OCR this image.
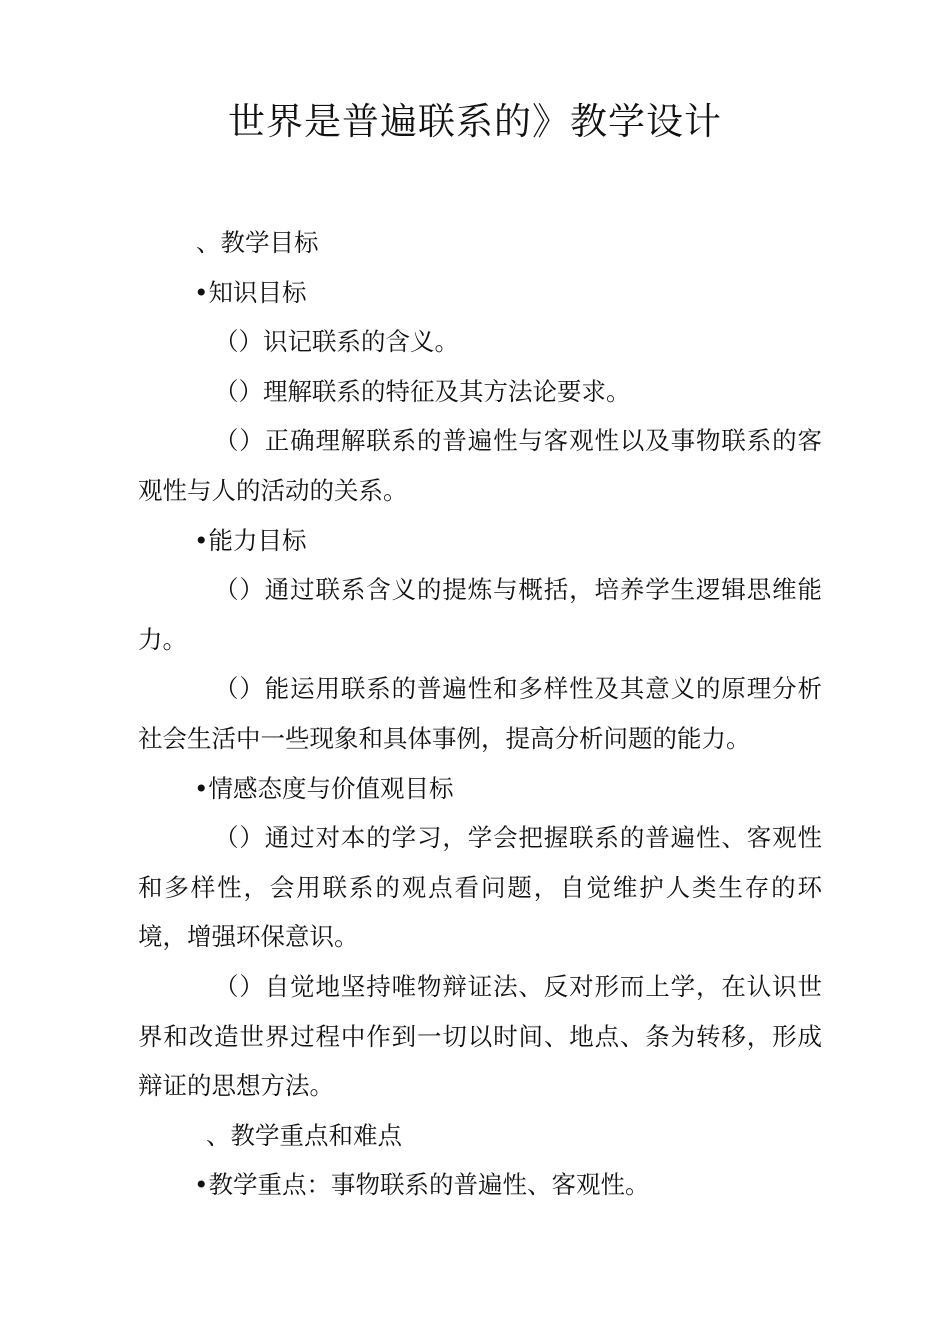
世界是普遍联系的》教学设计

、教学目标

•知识目标

（）识记联系的含义。

（）理解联系的特征及其方法论要求。

（）正确理解联系的普遍性与客观性以及事物联系的客观性与人的活动的关系。

•能力目标

（）通过联系含义的提炼与概括，培养学生逻辑思维能力。

（）能运用联系的普遍性和多样性及其意义的原理分析社会生活中一些现象和具体事例，提高分析问题的能力。

•情感态度与价值观目标

（）通过对本的学习，学会把握联系的普遍性、客观性和多样性，会用联系的观点看问题，自觉维护人类生存的环境，增强环保意识。

（）自觉地坚持唯物辩证法、反对形而上学，在认识世界和改造世界过程中作到一切以时间、地点、条为转移，形成辩证的思想方法。

、教学重点和难点

•教学重点：事物联系的普遍性、客观性。
